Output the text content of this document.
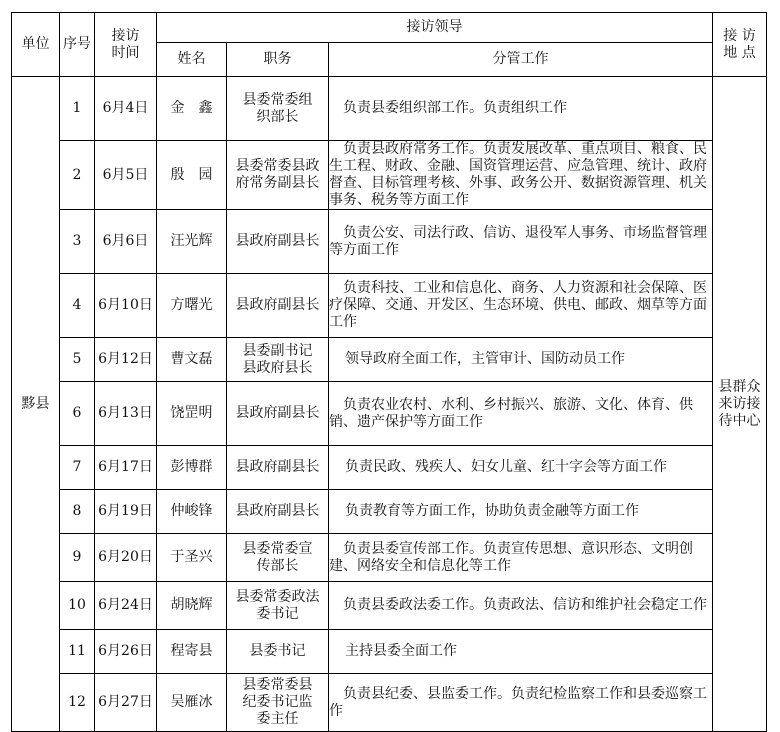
单位	序号	接访时间	接访领导			接 访 地 点
			姓名	职务	分管工作	
黟县	1	6月4日	金　鑫	县委常委组织部长	负责县委组织部工作。负责组织工作	县群众来访接待中心
	2	6月5日	殷　园	县委常委县政府常务副县长	负责县政府常务工作。负责发展改革、重点项目、粮食、民生工程、财政、金融、国资管理运营、应急管理、统计、政府督查、目标管理考核、外事、政务公开、数据资源管理、机关事务、税务等方面工作	
	3	6月6日	汪光辉	县政府副县长	负责公安、司法行政、信访、退役军人事务、市场监督管理等方面工作	
	4	6月10日	方曙光	县政府副县长	负责科技、工业和信息化、商务、人力资源和社会保障、医疗保障、交通、开发区、生态环境、供电、邮政、烟草等方面工作	
	5	6月12日	曹文磊	县委副书记县政府县长	领导政府全面工作，主管审计、国防动员工作	
	6	6月13日	饶罡明	县政府副县长	负责农业农村、水利、乡村振兴、旅游、文化、体育、供销、遗产保护等方面工作	
	7	6月17日	彭博群	县政府副县长	负责民政、残疾人、妇女儿童、红十字会等方面工作	
	8	6月19日	仲峻锋	县政府副县长	负责教育等方面工作，协助负责金融等方面工作	
	9	6月20日	于圣兴	县委常委宣传部长	负责县委宣传部工作。负责宣传思想、意识形态、文明创建、网络安全和信息化等工作	
	10	6月24日	胡晓辉	县委常委政法委书记	负责县委政法委工作。负责政法、信访和维护社会稳定工作	
	11	6月26日	程寄县	县委书记	主持县委全面工作	
	12	6月27日	吴雁冰	县委常委县纪委书记监委主任	负责县纪委、县监委工作。负责纪检监察工作和县委巡察工作	
